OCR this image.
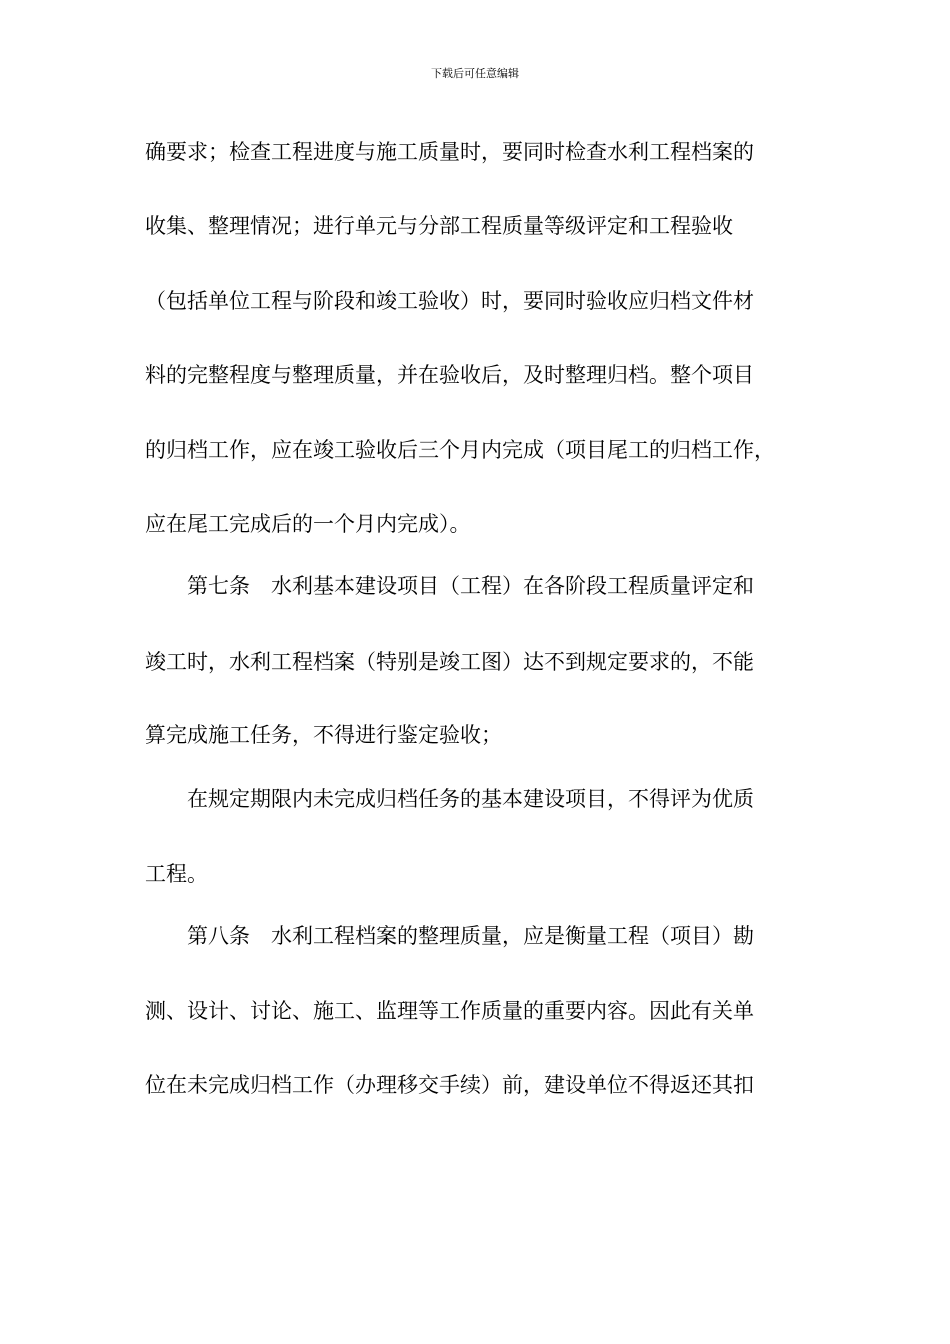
下载后可任意编辑
确要求；检查工程进度与施工质量时，要同时检查水利工程档案的
收集、整理情况；进行单元与分部工程质量等级评定和工程验收
（包括单位工程与阶段和竣工验收）时，要同时验收应归档文件材
料的完整程度与整理质量，并在验收后，及时整理归档。整个项目
的归档工作，应在竣工验收后三个月内完成（项目尾工的归档工作，
应在尾工完成后的一个月内完成）。
第七条　水利基本建设项目（工程）在各阶段工程质量评定和
竣工时，水利工程档案（特别是竣工图）达不到规定要求的，不能
算完成施工任务，不得进行鉴定验收；
在规定期限内未完成归档任务的基本建设项目，不得评为优质
工程。
第八条　水利工程档案的整理质量，应是衡量工程（项目）勘
测、设计、讨论、施工、监理等工作质量的重要内容。因此有关单
位在未完成归档工作（办理移交手续）前，建设单位不得返还其扣
